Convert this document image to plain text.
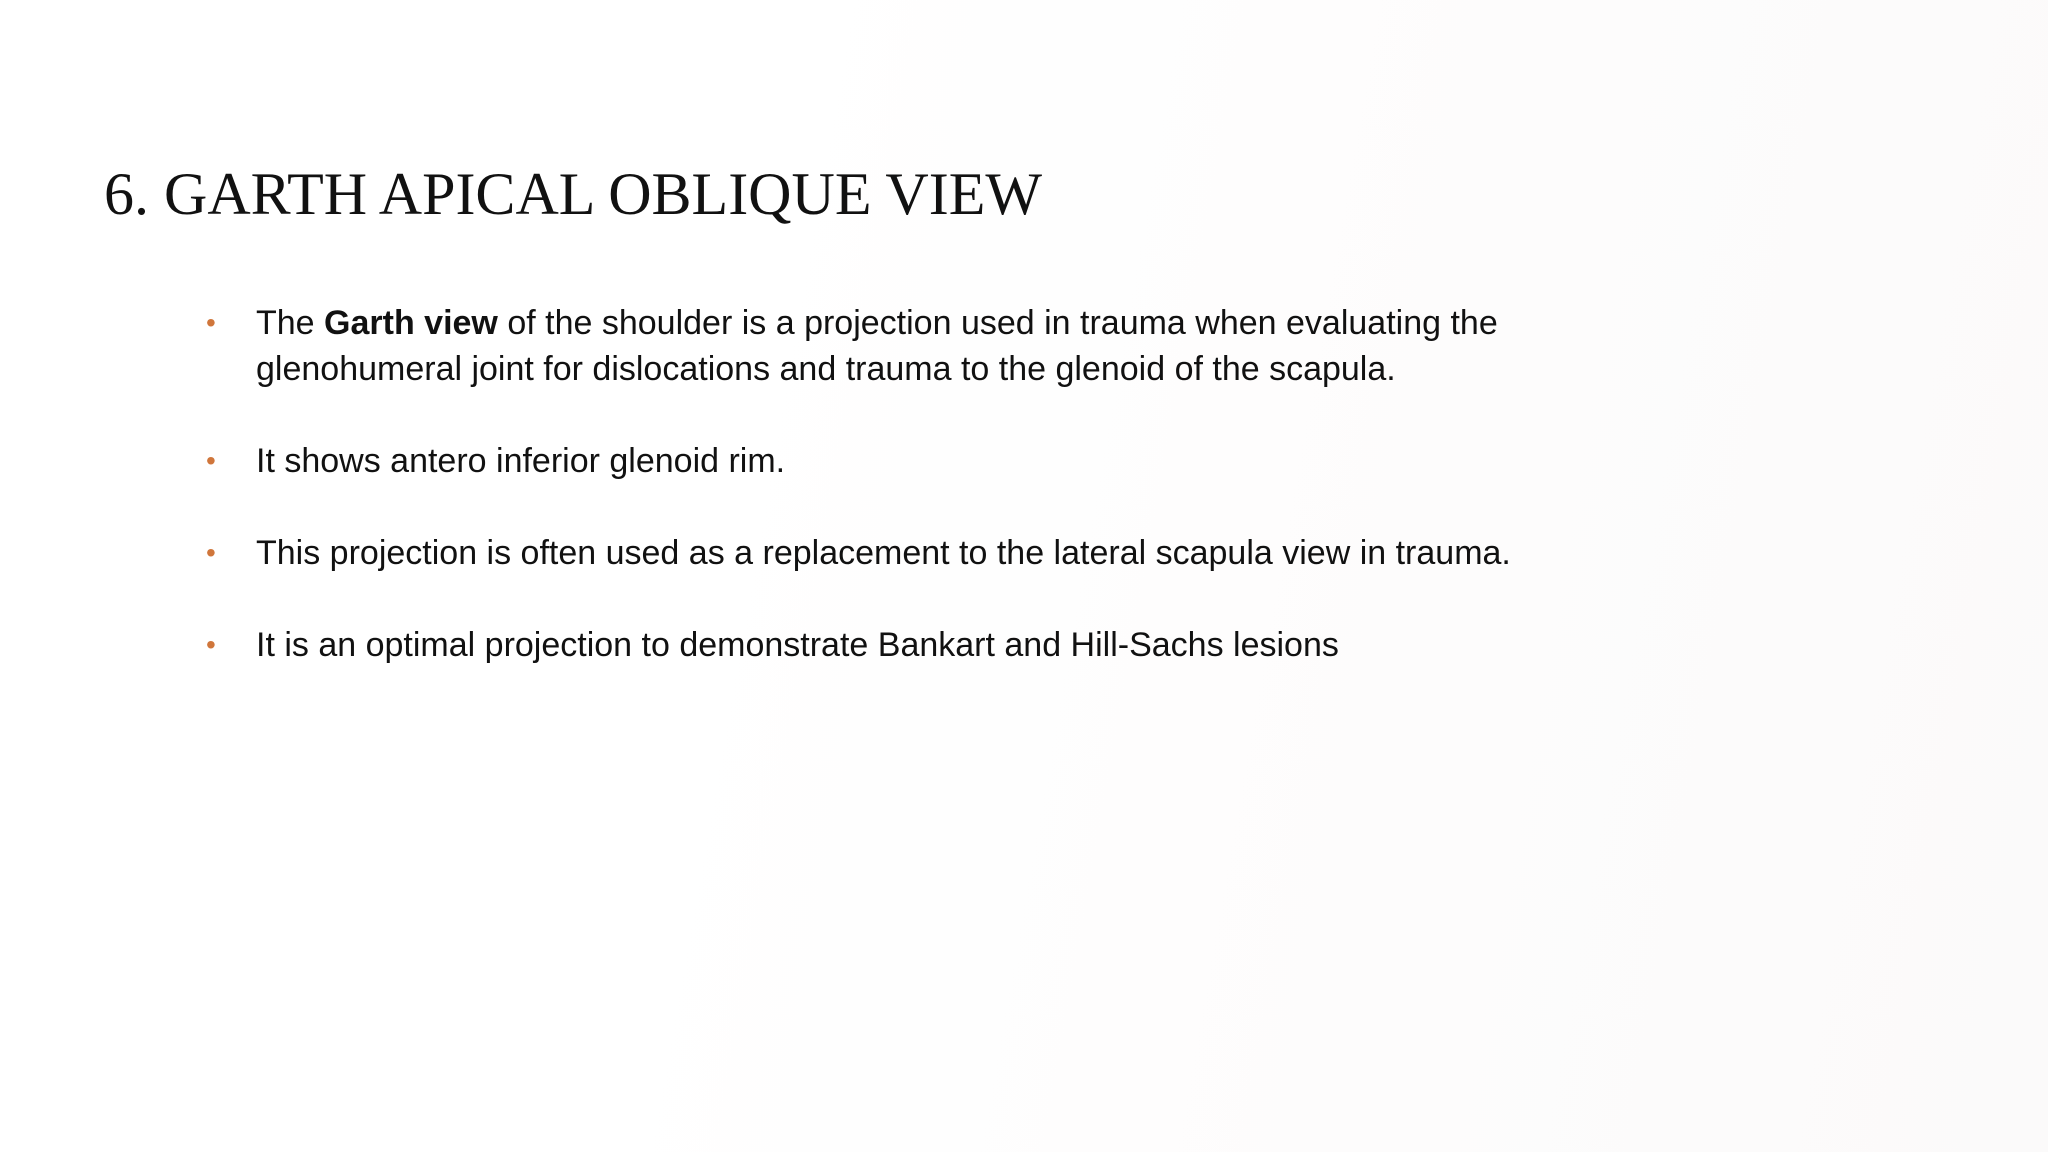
6. GARTH APICAL OBLIQUE VIEW
• The Garth view of the shoulder is a projection used in trauma when evaluating the glenohumeral joint for dislocations and trauma to the glenoid of the scapula.
• It shows antero inferior glenoid rim.
• This projection is often used as a replacement to the lateral scapula view in trauma.
• It is an optimal projection to demonstrate Bankart and Hill-Sachs lesions
